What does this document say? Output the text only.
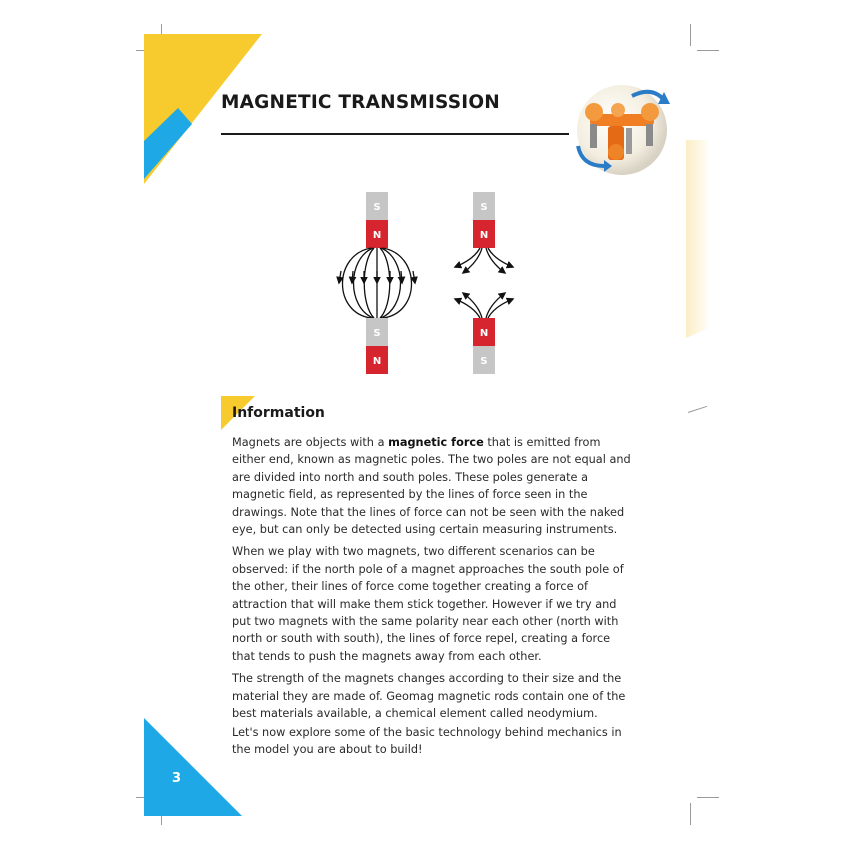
MAGNETIC TRANSMISSION
S
N
S
N
S
N
N
S
Information

Magnets are objects with a magnetic force that is emitted from either end, known as magnetic poles. The two poles are not equal and are divided into north and south poles. These poles generate a magnetic field, as represented by the lines of force seen in the drawings. Note that the lines of force can not be seen with the naked eye, but can only be detected using certain measuring instruments.

When we play with two magnets, two different scenarios can be observed: if the north pole of a magnet approaches the south pole of the other, their lines of force come together creating a force of attraction that will make them stick together. However if we try and put two magnets with the same polarity near each other (north with north or south with south), the lines of force repel, creating a force that tends to push the magnets away from each other.

The strength of the magnets changes according to their size and the material they are made of. Geomag magnetic rods contain one of the best materials available, a chemical element called neodymium.

Let's now explore some of the basic technology behind mechanics in the model you are about to build!

3
